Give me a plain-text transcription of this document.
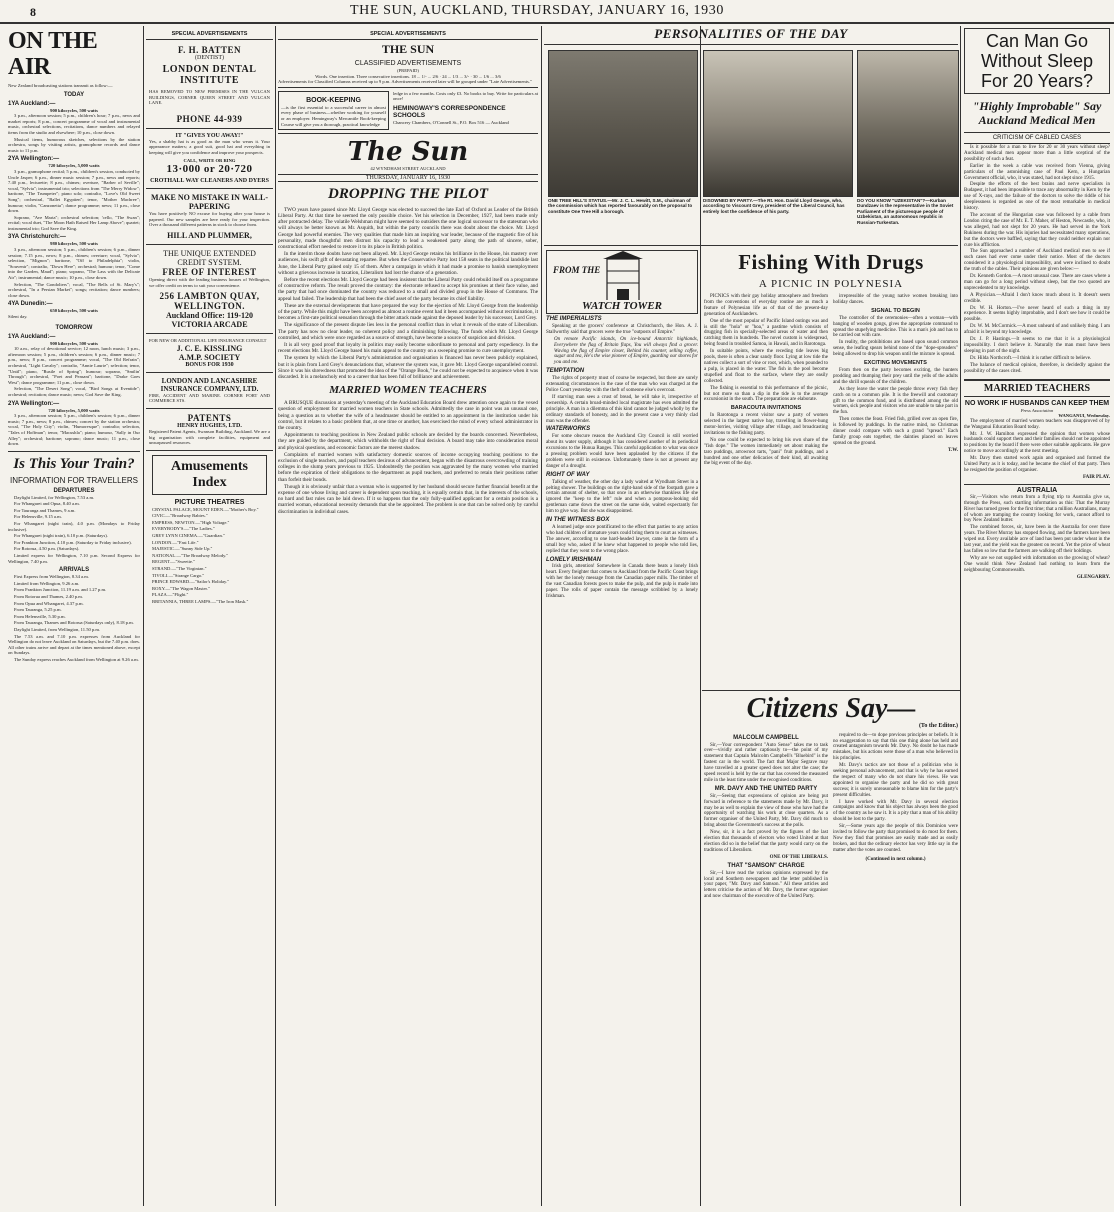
8	THE SUN, AUCKLAND, THURSDAY, JANUARY 16, 1930
ON THE AIR
New Zealand broadcasting stations transmit as follow:—
TODAY
1YA Auckland:—
900 kilocycles, 500 watts

3 p.m., afternoon session; 5 p.m., children's hour; 7 p.m., news and market reports; 8 p.m., concert programme of vocal and instrumental music, orchestral selections, recitations, dance numbers and relayed items from the studio and elsewhere; 10 p.m., close down.

Musical items, humorous sketches, selections by the station orchestra, songs by visiting artists, gramophone records and dance music to 11 p.m.

2YA Wellington:—
720 kilocycles, 5,000 watts

3 p.m., gramophone recital; 5 p.m., children's session, conducted by Uncle Jasper; 6 p.m., dinner music session; 7 p.m., news and reports; 7.40 p.m., lecturette; 8 p.m., chimes; overture, "Barber of Seville"; vocal, "Sylvia"; instrumental trio; selections from "The Merry Widow"; baritone, "The Trumpeter"; piano solo; contralto, "Love's Old Sweet Song"; orchestral, "Ballet Egyptien"; tenor, "Mother Machree"; humour; violin, "Canzonetta"; dance programme; news; 11 p.m., close down.

Soprano, "Ave Maria"; orchestral selection; 'cello, "The Swan"; recital; vocal duet, "The Moon Hath Raised Her Lamp Above"; quartet; instrumental trio; God Save the King.

3YA Christchurch:—
980 kilocycles, 500 watts

3 p.m., afternoon session; 5 p.m., children's session; 6 p.m., dinner session; 7.15 p.m., news; 8 p.m., chimes; overture; vocal, "Sylvia"; selection, "Mignon"; baritone, "Off to Philadelphia"; violin, "Souvenir"; contralto, "Down Here"; orchestral; humour; tenor, "Come into the Garden, Maud"; piano; soprano, "The Lass with the Delicate Air"; instrumental; dance music; 10 p.m., close down.

Selection, "The Gondoliers"; vocal, "The Bells of St. Mary's"; orchestral, "In a Persian Market"; songs; recitation; dance numbers; close down.

4YA Dunedin:—
650 kilocycles, 500 watts
Silent day.
TOMORROW
1YA Auckland:—
900 kilocycles, 500 watts

10 a.m., relay of devotional service; 12 noon, lunch music; 3 p.m., afternoon session; 5 p.m., children's session; 6 p.m., dinner music; 7 p.m., news; 8 p.m., concert programme; vocal, "The Old Refrain"; orchestral, "Light Cavalry"; contralto, "Annie Laurie"; selection; tenor, "Until"; piano, "Rustle of Spring"; humour; soprano, "Smilin' Through"; orchestral, "Poet and Peasant"; baritone, "Drake Goes West"; dance programme; 11 p.m., close down.

Selection, "The Desert Song"; vocal, "Bird Songs at Eventide"; orchestral; recitation; dance music; news; God Save the King.

2YA Wellington:—
720 kilocycles, 5,000 watts

3 p.m., afternoon session; 5 p.m., children's session; 6 p.m., dinner music; 7 p.m., news; 8 p.m., chimes; concert by the station orchestra; vocal, "The Holy City"; violin, "Humoresque"; contralto; selection, "Tales of Hoffman"; tenor, "Macushla"; piano; humour, "Sally in Our Alley"; orchestral; baritone; soprano; dance music; 11 p.m., close down.

Is This Your Train?
INFORMATION FOR TRAVELLERS
DEPARTURES

Daylight Limited, for Wellington, 7.53 a.m.

For Whangarei and Opua, 8.40 a.m.

For Tauranga and Thames, 9 a.m.

For Helensville, 9.15 a.m.

For Whangarei (night train), 4.0 p.m. (Mondays to Friday inclusive).

For Whangarei (night train), 6.10 p.m. (Saturdays).

For Frankton Junction, 4.10 p.m. (Saturday to Friday inclusive).

For Rotorua, 4.50 p.m. (Saturdays).

Limited express for Wellington, 7.10 p.m. Second Express for Wellington, 7.40 p.m.

ARRIVALS

First Express from Wellington, 8.34 a.m.

Limited from Wellington, 9.26 a.m.

From Frankton Junction, 11.19 a.m. and 1.27 p.m.

From Rotorua and Thames, 2.40 p.m.

From Opua and Whangarei, 4.37 p.m.

From Tauranga, 5.25 p.m.

From Helensville, 5.30 p.m.

From Tauranga, Thames and Rotorua (Saturdays only), 8.18 p.m.

Daylight Limited, from Wellington, 11.50 p.m.

The 7.53 a.m. and 7.10 p.m. expresses from Auckland for Wellington do not leave Auckland on Saturdays, but the 7.40 p.m. does. All other trains arrive and depart at the times mentioned above, except on Sundays.

The Sunday express reaches Auckland from Wellington at 9.26 a.m.

SPECIAL ADVERTISEMENTS
F. H. BATTEN
(DENTIST)
LONDON DENTAL INSTITUTE
HAS REMOVED TO NEW PREMISES IN THE VULCAN BUILDINGS, CORNER QUEEN STREET AND VULCAN LANE.
PHONE 44-939
IT "GIVES YOU AWAY!"
Yes, a shabby hat is as good as the man who wears it. Your appearance matters; a good suit, good hat and everything in keeping will give you confidence and improve your prospects.
CALL, WRITE OR RING
13·000 or 20·720
CROTHALL WAY CLEANERS AND DYERS
MAKE NO MISTAKE IN WALL-PAPERING
You have positively NO excuse for buying after your house is papered. Our new samples are here ready for your inspection. Over a thousand different patterns in stock to choose from.
HILL AND PLUMMER,
THE UNIQUE EXTENDED CREDIT SYSTEM.
FREE OF INTEREST
Opening direct with the leading business houses of Wellington, we offer credit on terms to suit your convenience.
256 LAMBTON QUAY, WELLINGTON.
Auckland Office: 119-120 VICTORIA ARCADE
FOR NEW OR ADDITIONAL LIFE INSURANCE CONSULT
J. C. E. KISSLING
A.M.P. SOCIETY
BONUS FOR 1930
LONDON AND LANCASHIRE INSURANCE COMPANY, LTD.
FIRE, ACCIDENT AND MARINE. CORNER FORT AND COMMERCE STS.
PATENTS
HENRY HUGHES, LTD.
Registered Patent Agents, Swanson Building, Auckland. We are a big organisation with complete facilities, equipment and unsurpassed resources.
Amusements Index
PICTURE THEATRES

CRYSTAL PALACE, MOUNT EDEN.—"Mother's Boy."

CIVIC.—"Broadway Babies."

EMPRESS, NEWTON.—"High Voltage."

EVERYBODY'S.—"The Ladies."

GREY LYNN CINEMA.—"Guardian."

LONDON.—"Fast Life."

MAJESTIC.—"Sunny Side Up."

NATIONAL.—"The Broadway Melody."

REGENT.—"Sweetie."

STRAND.—"The Virginian."

TIVOLI.—"Strange Cargo."

PRINCE EDWARD.—"Sailor's Holiday."

ROXY.—"The Wagon Master."

PLAZA.—"Flight."

BRITANNIA, THREE LAMPS.—"The Iron Mask."

SPECIAL ADVERTISEMENTS
THE SUN
CLASSIFIED ADVERTISEMENTS
(PREPAID)
Words. One insertion. Three consecutive insertions. 18 ... 1/- ... 2/6 · 24 ... 1/3 ... 3/- · 30 ... 1/6 ... 3/6
Advertisements for Classified Columns received up to 9 p.m. Advertisements received later will be grouped under "Late Advertisements."
BOOK-KEEPING
—is the first essential to a successful career in almost every phase of business—whether working for yourself or an employer. Hemingway's Mercantile Book-keeping Course will give you a thorough, practical knowledge
ledge in a few months. Costs only £3. No books to buy. Write for particulars at once!
HEMINGWAY'S CORRESPONDENCE SCHOOLS
Chancery Chambers, O'Connell St., P.O. Box 516 — Auckland
The Sun
42 WYNDHAM STREET AUCKLAND
THURSDAY, JANUARY 16, 1930
DROPPING THE PILOT

TWO years have passed since Mr. Lloyd George was elected to succeed the late Earl of Oxford as Leader of the British Liberal Party. At that time he seemed the only possible choice. Yet his selection in December, 1927, had been made only after protracted delay. The volatile Welshman might have seemed to outsiders the one logical successor to the statesman who will always be better known as Mr. Asquith, but within the party councils there was doubt about the choice. Mr. Lloyd George had powerful enemies. The very qualities that made him an inspiring war leader, because of the magnetic fire of his personality, made thoughtful men distrust his capacity to lead a weakened party along the path of sincere, sober, constructional effort needed to restore it to its place in British politics.

In the interim those doubts have not been allayed. Mr. Lloyd George retains his brilliance in the House, his mastery over audiences, his swift gift of devastating repartee. But when the Conservative Party lost 158 seats in the political landslide last June, the Liberal Party gained only 15 of them. After a campaign in which it had made a promise to banish unemployment without a grievous increase in taxation, Liberalism had lost the chance of a generation.

Before the recent elections Mr. Lloyd George had been insistent that the Liberal Party could rebuild itself on a programme of constructive reform. The result proved the contrary: the electorate refused to accept his promises at their face value, and the party that had once dominated the country was reduced to a small and divided group in the House of Commons. The appeal had failed. The leadership that had been the chief asset of the party became its chief liability.

These are the external developments that have prepared the way for the ejection of Mr. Lloyd George from the leadership of the party. While this might have been accepted as almost a routine event had it been accompanied without recrimination, it becomes a first-rate political sensation through the bitter attack made against the deposed leader by his successor, Lord Grey.

The significance of the present dispute lies less in the personal conflict than in what it reveals of the state of Liberalism. The party has now no clear leader, no coherent policy and a diminishing following. The funds which Mr. Lloyd George controlled, and which were once regarded as a source of strength, have become a source of suspicion and division.

It is all very good proof that loyalty in politics may easily become subordinate to personal and party expediency. In the recent elections Mr. Lloyd George based his main appeal to the country on a sweeping promise to cure unemployment.

The system by which the Liberal Party's administration and organisation is financed has never been publicly explained, but it is plain from Lord Grey's denunciations that, whatever the system was, it gave Mr. Lloyd George unparalleled control. Since it was his shrewdness that promoted the idea of the "Orange Book," he could not be expected to acquiesce when it was discarded. It is a melancholy end to a career that has been full of brilliance and achievement.

MARRIED WOMEN TEACHERS

A BRUSQUE discussion at yesterday's meeting of the Auckland Education Board drew attention once again to the vexed question of employment for married women teachers in State schools. Admittedly the case in point was an unusual one, being a question as to whether the wife of a headmaster should be entitled to an appointment in the institution under his control, but it relates to a basic problem that, at one time or another, has exercised the mind of every school administrator in the country.

Appointments to teaching positions in New Zealand public schools are decided by the boards concerned. Nevertheless, they are guided by the department, which withholds the right of final decision. A board may take into consideration moral and physical questions, and economic factors are the merest shadow.

Complaints of married women with satisfactory domestic sources of income occupying teaching positions to the exclusion of single teachers, and pupil teachers desirous of advancement, began with the disastrous overcrowding of training colleges in the slump years previous to 1925. Undoubtedly the position was aggravated by the many women who married before the expiration of their obligations to the department as pupil teachers, and preferred to retain their positions rather than forfeit their bonds.

Though it is obviously unfair that a woman who is supported by her husband should secure further financial benefit at the expense of one whose living and career is dependent upon teaching, it is equally certain that, in the interests of the schools, no hard and fast rules can be laid down. If it so happens that the only fully-qualified applicant for a certain position is a married woman, educational necessity demands that she be appointed. The problem is one that can be solved only by careful discrimination in individual cases.

PERSONALITIES OF THE DAY
ONE TREE HILL'S STATUS.—Mr. J. C. L. Hewitt, S.M., chairman of the commission which has reported favourably on the proposal to constitute One Tree Hill a borough.
DISOWNED BY PARTY.—The Rt. Hon. David Lloyd George, who, according to Viscount Grey, president of the Liberal Council, has entirely lost the confidence of his party.
DO YOU KNOW "UZEKISTAN"?—Kurban Dundzaev is the representative in the Soviet Parliament of the picturesque people of Uzbekistan, an autonomous republic in Russian-Turkestan.
FROM THE
WATCH TOWER
THE IMPERIALISTS

Speaking at the grocers' conference at Christchurch, the Hon. A. J. Stallworthy said that grocers were the true "outposts of Empire."

On remote Pacific islands, On ice-bound Antarctic highlands, Everywhere the flag of Britain flaps, You will always find a grocer. Waving the flag of Empire closer, Behind his counter, selling coffee, sugar and tea, He's the wise pioneer of Empire, guarding our shores for you and me.

TEMPTATION

The rights of property must of course be respected, but there are surely extenuating circumstances in the case of the man who was charged at the Police Court yesterday with the theft of someone else's overcoat.

If starving man sees a crust of bread, he will take it, irrespective of ownership. A certain broad-minded local magistrate has even admitted the principle. A man in a dilemma of this kind cannot be judged wholly by the ordinary standards of honesty, and in the present case a very thinly clad man was the offender.

WATERWORKS

For some obscure reason the Auckland City Council is still worried about its water supply, although it has considered another of its periodical excursions to the Hunua Ranges. This careful application to what was once a pressing problem would have been applauded by the citizens if the problem were still in existence. Unfortunately there is not at present any danger of a drought.

RIGHT OF WAY

Talking of weather, the other day a lady waited at Wyndham Street in a pelting shower. The buildings on the right-hand side of the footpath gave a certain amount of shelter, so that once in an otherwise thankless life she ignored the "keep to the left" rule and when a pompous-looking old gentleman came down the street on the same side, waited expectantly for him to give way. But she was disappointed.

IN THE WITNESS BOX

A learned judge once pontificated to the effect that parties to any action who had children of immature years could bring them to court as witnesses. The answer, according to one hard-headed lawyer, came in the form of a small boy who, asked if he knew what happened to people who told lies, replied that they went to the wrong place.

LONELY IRISHMAN

Irish girls, attention! Somewhere in Canada there beats a lonely Irish heart. Every freighter that comes to Auckland from the Pacific Coast brings with her the lonely message from the Canadian paper mills. The timber of the vast Canadian forests goes to make the pulp, and the pulp is made into paper. The rolls of paper contain the message scribbled by a lonely Irishman.

Fishing With Drugs
A PICNIC IN POLYNESIA

PICNICS with their gay holiday atmosphere and freedom from the conventions of everyday routine are as much a feature of Polynesian life as of that of the present-day generation of Aucklanders.

One of the most popular of Pacific Island outings was and is still the "hola" or "hoa," a pastime which consists of drugging fish in specially-selected areas of water and then catching them in hundreds. The novel custom is widespread, being found in troubled Samoa, in Hawaii, and in Rarotonga.

In suitable points, where the receding tide leaves big pools, there is often a clear sandy floor. Lying at low tide the natives collect a sort of vine or root, which, when pounded to a pulp, is placed in the water. The fish in the pool become stupefied and float to the surface, where they are easily collected.

The fishing is essential to this performance of the picnic, but not more so than a dip in the tide is to the average excursionist in the south. The preparations are elaborate.

BARACOUTA INVITATIONS

In Rarotonga a recent visitor saw a party of women selected in the largest native bay, travelling in flower-hung motor-lorries, visiting village after village, and broadcasting invitations to the fishing party.

No one could be expected to bring his own share of the "fish dope." The women immediately set about making the taro puddings, arrowroot tarts, "pani" fruit puddings, and a hundred and one other delicacies of their kind, all awaiting the big event of the day.

irrepressible of the young native women breaking into holiday dances.

SIGNAL TO BEGIN

The controller of the ceremonies—often a woman—with banging of wooden gongs, gives the appropriate command to spread the stupefying medicine. This is a man's job and has to be carried out with care.

In reality, the prohibitions are based upon sound common sense, the leafing spears behind none of the "dope-spreaders" being allowed to drop his weapon until the mixture is spread.

EXCITING MOVEMENTS

From then on the party becomes exciting, the hunters prodding and thumping their prey until the yells of the adults and the shrill squeals of the children.

As they leave the water the people throw every fish they catch on to a common pile. It is the freewill and customary gift to the common fund, and is distributed among the old women, sick people and visitors who are unable to take part in the fun.

Then comes the feast. Fried fish, grilled over an open fire, is followed by puddings. In the native mind, no Christmas dinner could compare with such a grand "spread." Each family group eats together, the dainties placed on leaves spread on the ground.

T.W.
Citizens Say—
(To the Editor.)
MALCOLM CAMPBELL

Sir,—Your correspondent "Auto Sense" takes me to task over—vividly and rather captiously to—the point of my statement that Captain Malcolm Campbell's "Bluebird" is the fastest car in the world. The fact that Major Segrave may have travelled at a greater speed does not alter the case; the speed record is held by the car that has covered the measured mile in the least time under the recognised conditions.

MR. DAVY AND THE UNITED PARTY

Sir,—Seeing that expressions of opinion are being put forward in reference to the statements made by Mr. Davy, it may be as well to explain the view of those who have had the opportunity of watching his work at close quarters. As a former organiser of the United Party, Mr. Davy did much to bring about the Government's success at the polls.

Now, sir, it is a fact proved by the figures of the last election that thousands of electors who voted United at that election did so in the belief that the party would carry on the traditions of Liberalism.

ONE OF THE LIBERALS.
THAT "SAMSON" CHARGE

Sir,—I have read the various opinions expressed by the local and Southern newspapers and the letter published in your paper, "Mr. Davy and Samson." All these articles and letters criticise the action of Mr. Davy, the former organiser and now chairman of the executive of the United Party.

required to do—to dope previous principles or beliefs. It is no exaggeration to say that this one thing alone has held and created antagonism towards Mr. Davy. No doubt he has made mistakes, but his actions were those of a man who believed in his principles.

Mr. Davy's tactics are not those of a politician who is seeking personal advancement, and that is why he has earned the respect of many who do not share his views. He was appointed to organise the party and he did so with great success; it is surely unreasonable to blame him for the party's present difficulties.

I have worked with Mr. Davy in several election campaigns and know that his object has always been the good of the country as he saw it. It is a pity that a man of his ability should be lost to the party.

Sir,—Some years ago the people of this Dominion were invited to follow the party that promised to do most for them. Now they find that promises are easily made and as easily broken, and that the ordinary elector has very little say in the matter after the votes are counted.

(Continued in next column.)
Can Man Go Without Sleep For 20 Years?
"Highly Improbable" Say Auckland Medical Men
CRITICISM OF CABLED CASES

Is it possible for a man to live for 20 or 30 years without sleep? Auckland medical men appear more than a little sceptical of the possibility of such a feat.

Earlier in the week a cable was received from Vienna, giving particulars of the astonishing case of Paul Kern, a Hungarian Government official, who, it was stated, had not slept since 1915.

Despite the efforts of the best brains and nerve specialists in Budapest, it had been impossible to trace any abnormality in Kern by the use of X-rays, and the failure of the doctors to solve the riddle of his sleeplessness is regarded as one of the most remarkable in medical history.

The account of the Hungarian case was followed by a cable from London citing the case of Mr. E. T. Maher, of Heston, Newcastle, who, it was alleged, had not slept for 20 years. He had served in the York Rukiness during the war. His injuries had necessitated many operations, but the doctors were baffled, saying that they could neither explain nor cure his affliction.

The Sun approached a number of Auckland medical men to see if such cases had ever come under their notice. Most of the doctors considered it a physiological impossibility, and were inclined to doubt the truth of the cables. Their opinions are given below:—

Dr. Kenneth Gordon.—A most unusual case. There are cases where a man can go for a long period without sleep, but the two quoted are unprecedented to my knowledge.

A Physician.—Afraid I don't know much about it. It doesn't seem credible.

Dr. W. H. Horton.—I've never heard of such a thing in my experience. It seems highly improbable, and I don't see how it could be possible.

Dr. W. M. McCormick.—A most unheard of and unlikely thing. I am afraid it is beyond my knowledge.

Dr. J. P. Hastings.—It seems to me that it is a physiological impossibility. I don't believe it. Naturally the man must have been sleeping in part of the night.

Dr. Hilda Northcroft.—I think it is rather difficult to believe.

The balance of medical opinion, therefore, is decidedly against the possibility of the cases cited.

MARRIED TEACHERS
NO WORK IF HUSBANDS CAN KEEP THEM
Press Association
WANGANUI, Wednesday.

The employment of married women teachers was disapproved of by the Wanganui Education Board today.

Mr. J. W. Hamilton expressed the opinion that women whose husbands could support them and their families should not be appointed to positions by the board if there were other suitable applicants. He gave notice to move accordingly at the next meeting.

Mr. Davy then started work again and organised and formed the United Party as it is today, and he became the chief of that party. Then he resigned the position of organiser.

FAIR PLAY.
AUSTRALIA

Sir,—Visitors who return from a flying trip to Australia give us, through the Press, such startling information as this: That the Murray River has turned green for the first time; that a million Australians, many of whom are tramping the country looking for work, cannot afford to buy New Zealand butter.

The combined forces, sir, have been in the Australia for over three years. The River Murray has stopped flowing, and the farmers have been wiped out. Every available acre of land has been put under wheat in the last year, and the yield was the greatest on record. Yet the price of wheat has fallen so low that the farmers are walking off their holdings.

Why are we not supplied with information on the growing of wheat? One would think New Zealand had nothing to learn from the neighbouring Commonwealth.

GLENGARRY.
